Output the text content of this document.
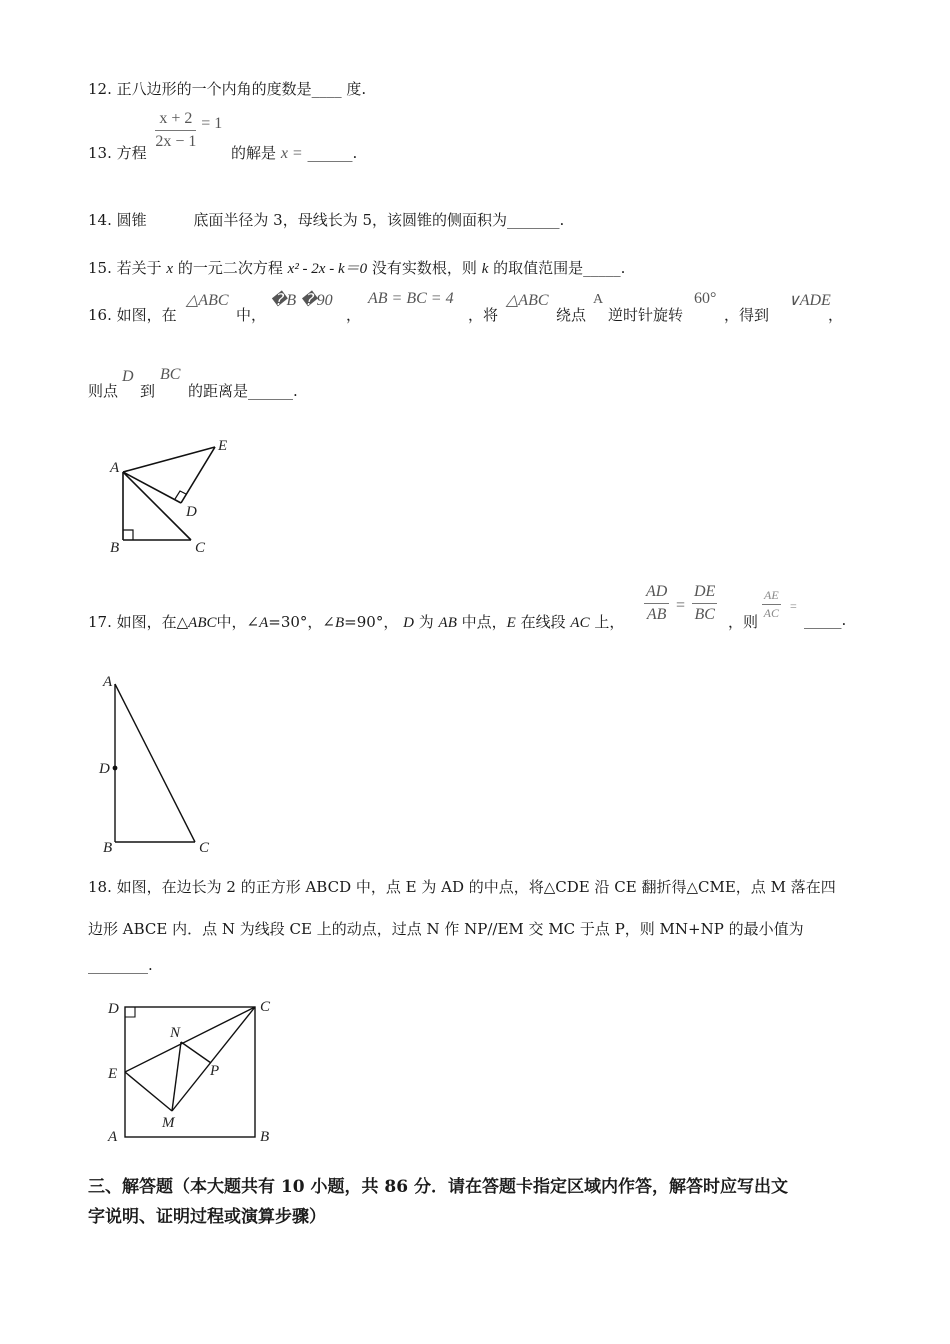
12. 正八边形的一个内角的度数是____ 度.
13. 方程
$\frac{x + 2}{2x - 1} = 1$ 的解是 x = ______.
14. 圆锥	底面半径为 3，母线长为 5，该圆锥的侧面积为_______.
15. 若关于 x 的一元二次方程 x² - 2x - k＝0 没有实数根，则 k 的取值范围是_____.
16. 如图，在
△ABC
中，
�B �90
，
AB = BC = 4
，将
△ABC
绕点
A
逆时针旋转
60°
，得到
∨ADE
，
则点
D
到
BC
的距离是______.
A
E
D
B	C
17. 如图，在△ABC中，∠A=30°，∠B=90°， D 为 AB 中点，E 在线段 AC 上， $\frac{AD}{AB} = \frac{DE}{BC}$ ，则
$\frac{AE}{AC}$ =
_____.
A
D
B	C
18. 如图，在边长为 2 的正方形 ABCD 中，点 E 为 AD 的中点，将△CDE 沿 CE 翻折得△CME，点 M 落在四
边形 ABCE 内．点 N 为线段 CE 上的动点，过点 N 作 NP//EM 交 MC 于点 P，则 MN+NP 的最小值为
________.
D	C
E
N
P
M
A	B
三、解答题（本大题共有 10 小题，共 86 分．请在答题卡指定区域内作答，解答时应写出文
字说明、证明过程或演算步骤）
